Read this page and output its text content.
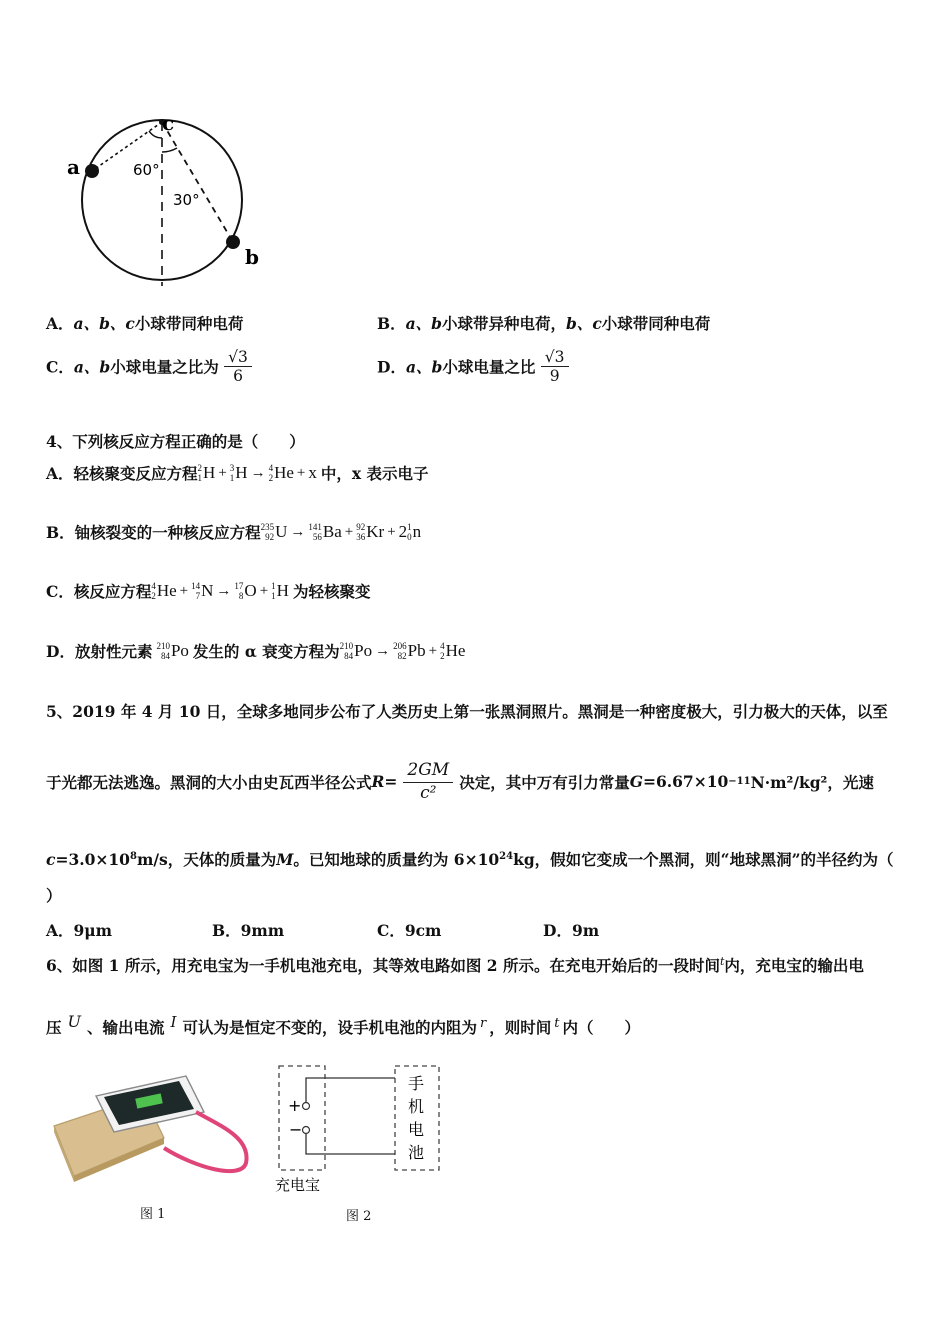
a
b
c
60°
30°
A．a、b、c小球带同种电荷	B．a、b小球带异种电荷，b、c小球带同种电荷
C．a、b小球电量之比为 $\frac{√3}{6}$	D．a、b小球电量之比 $\frac{√3}{9}$
4、下列核反应方程正确的是（　　）
A．轻核聚变反应方程 2
1 H + 3
1 H → 4
2 He + x 中，x 表示电子
B．铀核裂变的一种核反应方程 235
92 U → 141
56 Ba + 92
36 Kr + 2 1
0 n
C．核反应方程 4
2 He + 14
7 N → 17
8 O + 1
1 H 为轻核聚变
D．放射性元素 210
84 Po 发生的 α 衰变方程为 210
84 Po → 206
82 Pb + 4
2 He
5、2019 年 4 月 10 日，全球多地同步公布了人类历史上第一张黑洞照片。黑洞是一种密度极大，引力极大的天体，以至
于光都无法逃逸。黑洞的大小由史瓦西半径公式 $R= \frac{2GM}{\text{c²}}$ 决定，其中万有引力常量 G =6.67×10 −11 N·m²/kg²，光速
$c=3.0\times 10^8m/s$，天体的质量为M。已知地球的质量约为 $6\times 10^{24}kg$，假如它变成一个黑洞，则“地球黑洞”的半径约为（
）
A．9μm	B．9mm	C．9cm	D．9m
6、如图 1 所示，用充电宝为一手机电池充电，其等效电路如图 2 所示。在充电开始后的一段时间$^t$内，充电宝的输出电
压 $^U$ 、输出电流 $^I$ 可认为是恒定不变的，设手机电池的内阻为 $^r$ ，则时间 $^t$ 内（　　）
图 1
+
−
手
机
电
池
充电宝
图 2
